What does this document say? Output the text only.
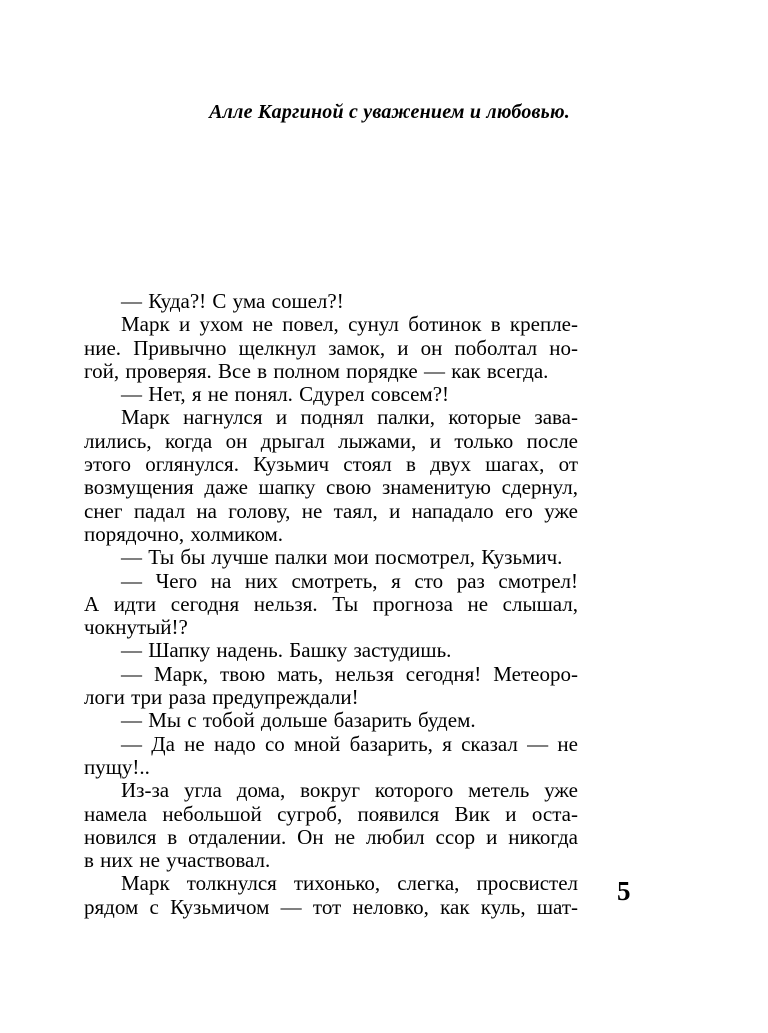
Алле Каргиной с уважением и любовью.
— Куда?! С ума сошел?!
Марк и ухом не повел, сунул ботинок в крепле-
ние. Привычно щелкнул замок, и он поболтал но-
гой, проверяя. Все в полном порядке — как всегда.
— Нет, я не понял. Сдурел совсем?!
Марк нагнулся и поднял палки, которые зава-
лились, когда он дрыгал лыжами, и только после
этого оглянулся. Кузьмич стоял в двух шагах, от
возмущения даже шапку свою знаменитую сдернул,
снег падал на голову, не таял, и нападало его уже
порядочно, холмиком.
— Ты бы лучше палки мои посмотрел, Кузьмич.
— Чего на них смотреть, я сто раз смотрел!
А идти сегодня нельзя. Ты прогноза не слышал,
чокнутый!?
— Шапку надень. Башку застудишь.
— Марк, твою мать, нельзя сегодня! Метеоро-
логи три раза предупреждали!
— Мы с тобой дольше базарить будем.
— Да не надо со мной базарить, я сказал — не
пущу!..
Из-за угла дома, вокруг которого метель уже
намела небольшой сугроб, появился Вик и оста-
новился в отдалении. Он не любил ссор и никогда
в них не участвовал.
Марк толкнулся тихонько, слегка, просвистел
рядом с Кузьмичом — тот неловко, как куль, шат-
5
